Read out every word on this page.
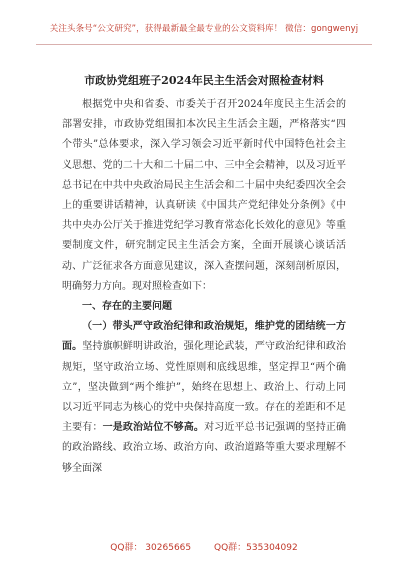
关注头条号“公文研究”，获得最新最全最专业的公文资料库！ 微信：gongwenyj
市政协党组班子2024年民主生活会对照检查材料

根据党中央和省委、市委关于召开2024年度民主生活会的部署安排，市政协党组围扣本次民主生活会主题，严格落实“四个带头”总体要求，深入学习领会习近平新时代中国特色社会主义思想、党的二十大和二十届二中、三中全会精神，以及习近平总书记在中共中央政治局民主生活会和二十届中央纪委四次全会上的重要讲话精神，认真研读《中国共产党纪律处分条例》《中共中央办公厅关于推进党纪学习教育常态化长效化的意见》等重要制度文件，研究制定民主生活会方案，全面开展谈心谈话活动、广泛征求各方面意见建议，深入查摆问题，深刻剖析原因，明确努力方向。现对照检查如下：

一、存在的主要问题

（一）带头严守政治纪律和政治规矩，维护党的团结统一方面。坚持旗帜鲜明讲政治，强化理论武装，严守政治纪律和政治规矩，坚守政治立场、党性原则和底线思维，坚定捍卫“两个确立”，坚决做到“两个维护”，始终在思想上、政治上、行动上同以习近平同志为核心的党中央保持高度一致。存在的差距和不足主要有：一是政治站位不够高。对习近平总书记强调的坚持正确的政治路线、政治立场、政治方向、政治道路等重大要求理解不够全面深

QQ群： 30265665	QQ群：535304092
